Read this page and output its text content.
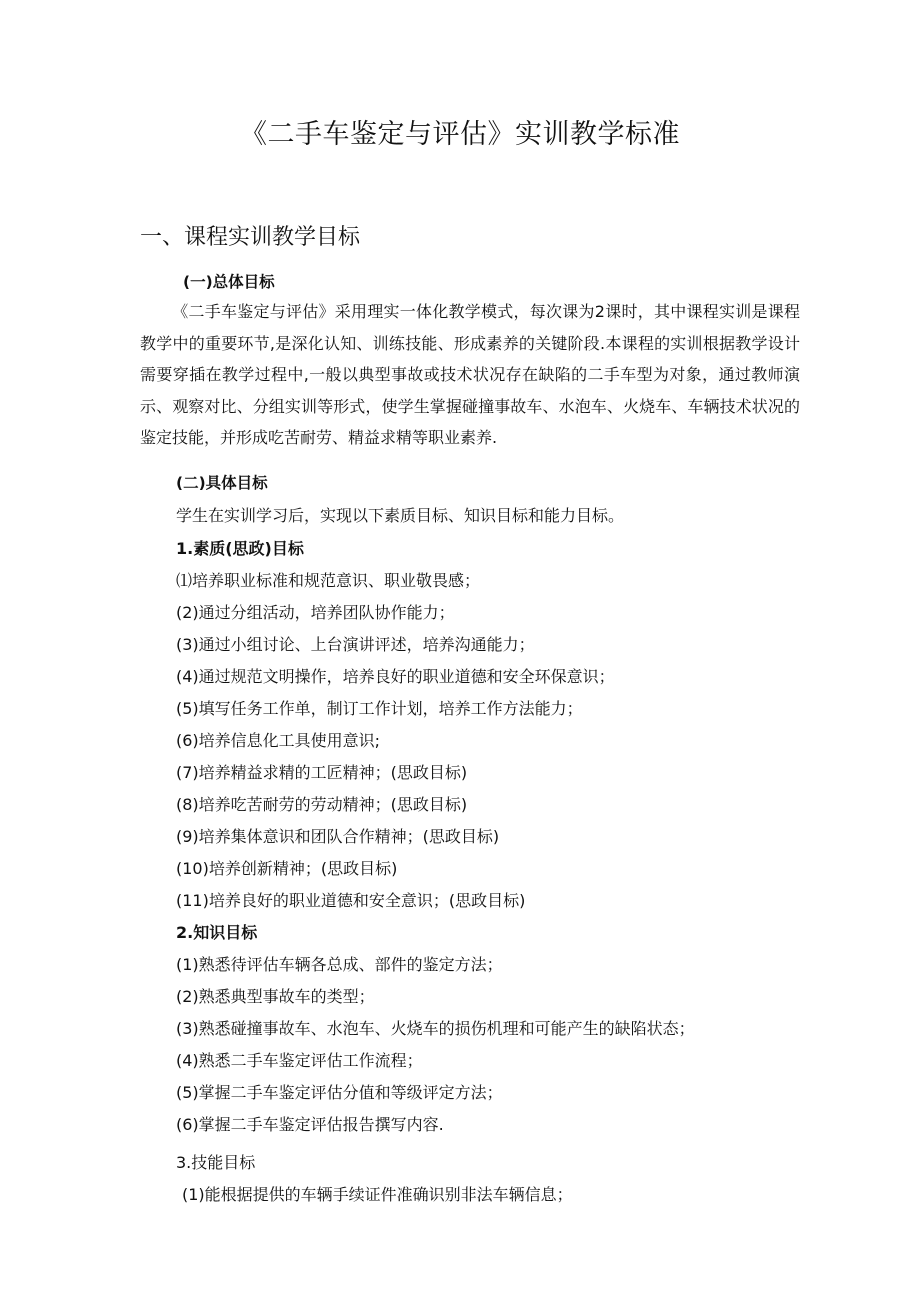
《二手车鉴定与评估》实训教学标准
一、课程实训教学目标
(一)总体目标
《二手车鉴定与评估》采用理实一体化教学模式，每次课为2课时，其中课程实训是课程教学中的重要环节,是深化认知、训练技能、形成素养的关键阶段.本课程的实训根据教学设计需要穿插在教学过程中,一般以典型事故或技术状况存在缺陷的二手车型为对象，通过教师演示、观察对比、分组实训等形式，使学生掌握碰撞事故车、水泡车、火烧车、车辆技术状况的鉴定技能，并形成吃苦耐劳、精益求精等职业素养.
(二)具体目标
学生在实训学习后，实现以下素质目标、知识目标和能力目标。
1.素质(思政)目标
⑴培养职业标准和规范意识、职业敬畏感；
(2)通过分组活动，培养团队协作能力；
(3)通过小组讨论、上台演讲评述，培养沟通能力；
(4)通过规范文明操作，培养良好的职业道德和安全环保意识；
(5)填写任务工作单，制订工作计划，培养工作方法能力；
(6)培养信息化工具使用意识;
(7)培养精益求精的工匠精神；(思政目标)
(8)培养吃苦耐劳的劳动精神；(思政目标)
(9)培养集体意识和团队合作精神；(思政目标)
(10)培养创新精神；(思政目标)
(11)培养良好的职业道德和安全意识；(思政目标)
2.知识目标
(1)熟悉待评估车辆各总成、部件的鉴定方法；
(2)熟悉典型事故车的类型；
(3)熟悉碰撞事故车、水泡车、火烧车的损伤机理和可能产生的缺陷状态；
(4)熟悉二手车鉴定评估工作流程；
(5)掌握二手车鉴定评估分值和等级评定方法；
(6)掌握二手车鉴定评估报告撰写内容.
3.技能目标
(1)能根据提供的车辆手续证件准确识别非法车辆信息；
